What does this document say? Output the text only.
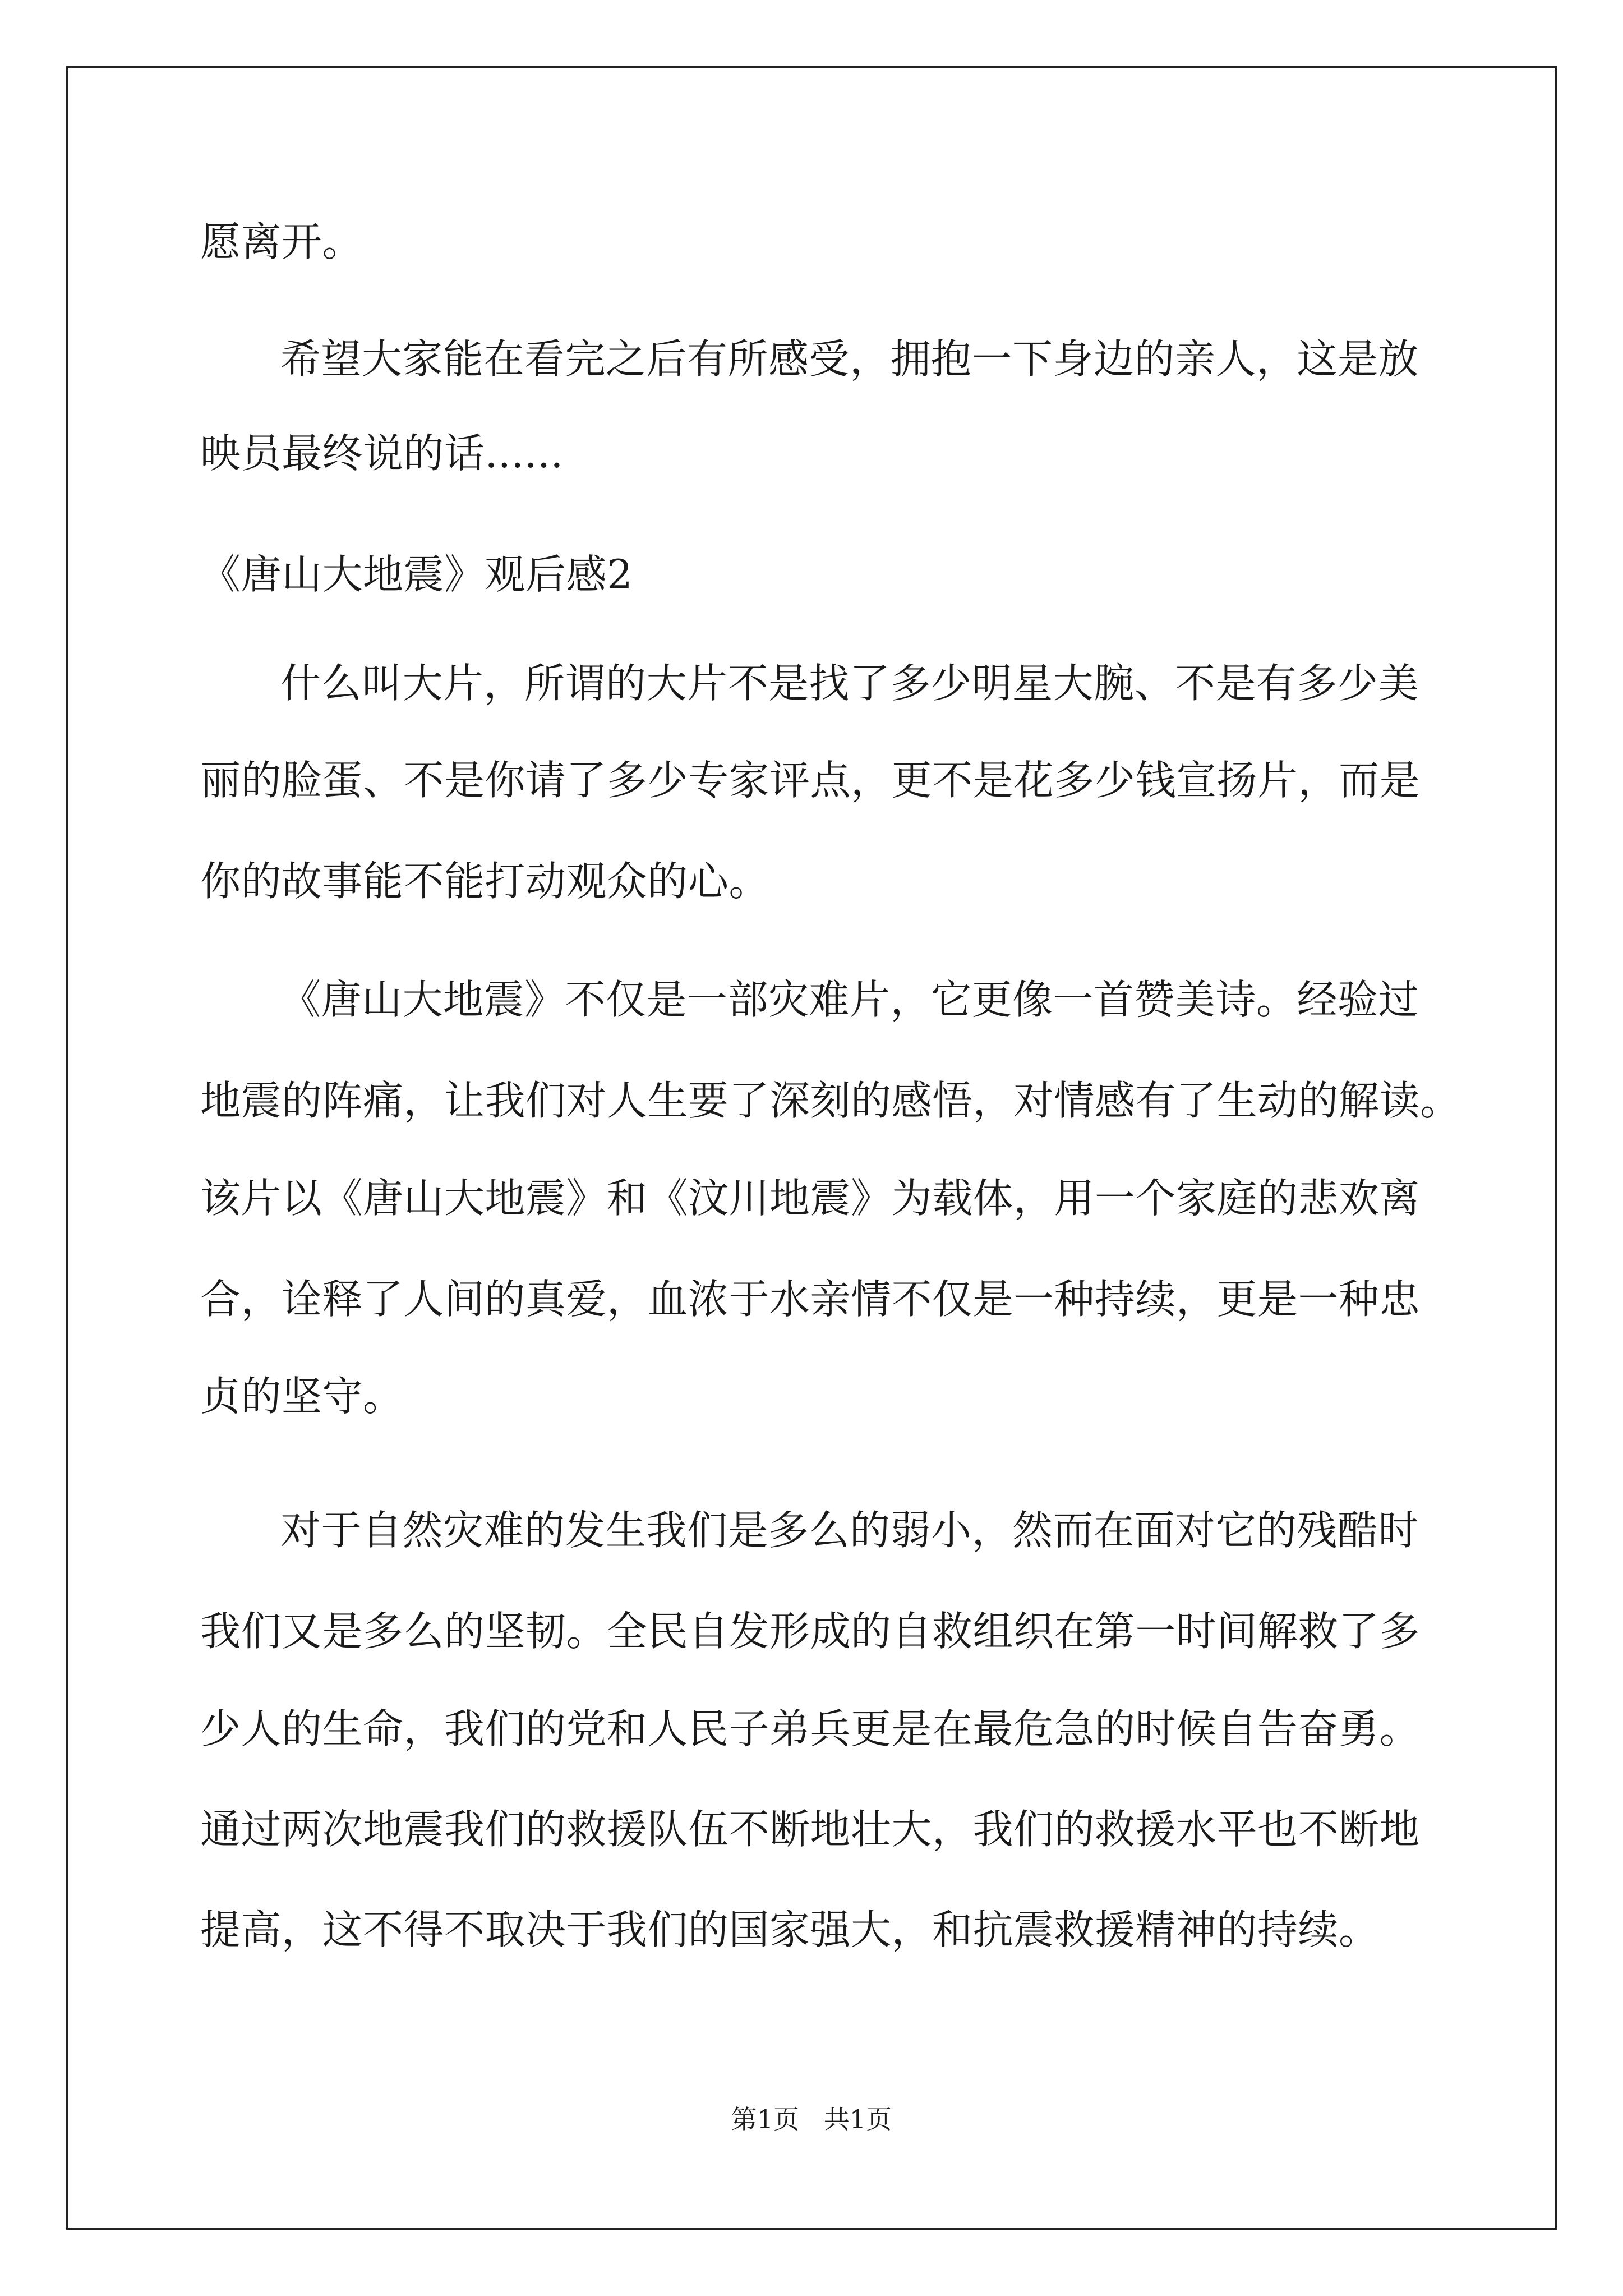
愿离开。
希望大家能在看完之后有所感受，拥抱一下身边的亲人，这是放
映员最终说的话......
《唐山大地震》观后感2
什么叫大片，所谓的大片不是找了多少明星大腕、不是有多少美
丽的脸蛋、不是你请了多少专家评点，更不是花多少钱宣扬片，而是
你的故事能不能打动观众的心。
《唐山大地震》不仅是一部灾难片，它更像一首赞美诗。经验过
地震的阵痛，让我们对人生要了深刻的感悟，对情感有了生动的解读。
该片以《唐山大地震》和《汶川地震》为载体，用一个家庭的悲欢离
合，诠释了人间的真爱，血浓于水亲情不仅是一种持续，更是一种忠
贞的坚守。
对于自然灾难的发生我们是多么的弱小，然而在面对它的残酷时
我们又是多么的坚韧。全民自发形成的自救组织在第一时间解救了多
少人的生命，我们的党和人民子弟兵更是在最危急的时候自告奋勇。
通过两次地震我们的救援队伍不断地壮大，我们的救援水平也不断地
提高，这不得不取决于我们的国家强大，和抗震救援精神的持续。
第1页   共1页
